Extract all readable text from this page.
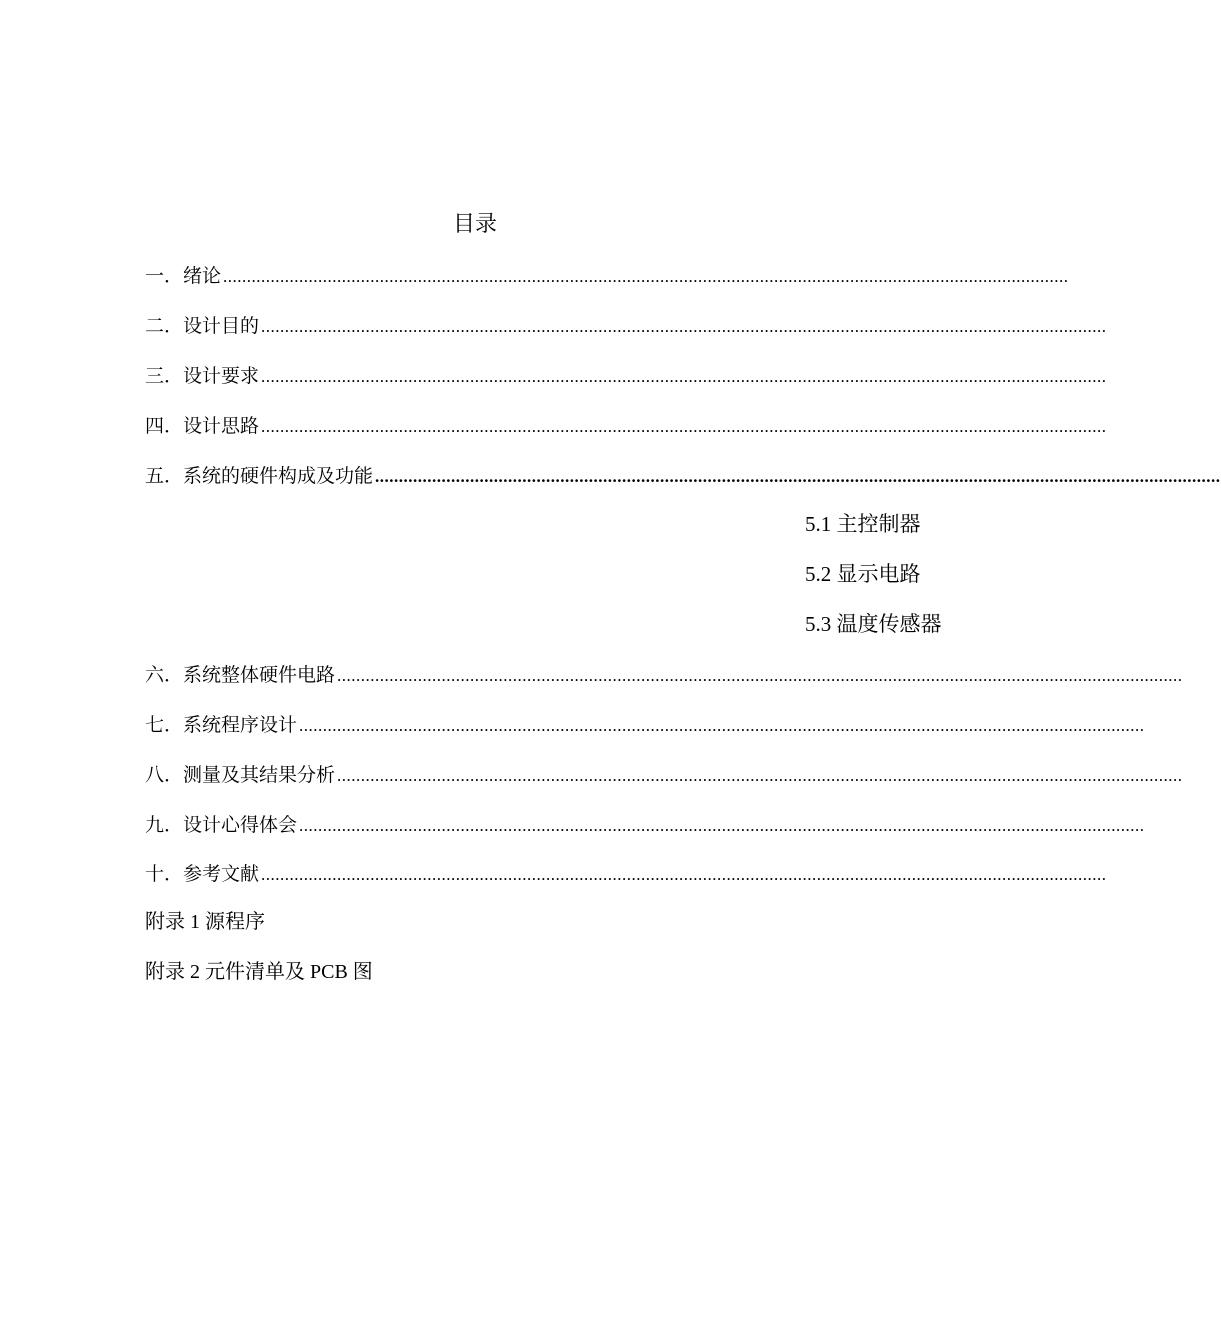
目录
一． 绪论 ..................................................................................................................................................................................
二． 设计目的 ..................................................................................................................................................................................
三． 设计要求 ..................................................................................................................................................................................
四． 设计思路 ..................................................................................................................................................................................
五． 系统的硬件构成及功能 ..................................................................................................................................................................................
5.1 主控制器
5.2 显示电路
5.3 温度传感器
六． 系统整体硬件电路 ..................................................................................................................................................................................
七． 系统程序设计 ..................................................................................................................................................................................
八． 测量及其结果分析 ..................................................................................................................................................................................
九． 设计心得体会 ..................................................................................................................................................................................
十． 参考文献 ..................................................................................................................................................................................
附录 1 源程序
附录 2 元件清单及 PCB 图
